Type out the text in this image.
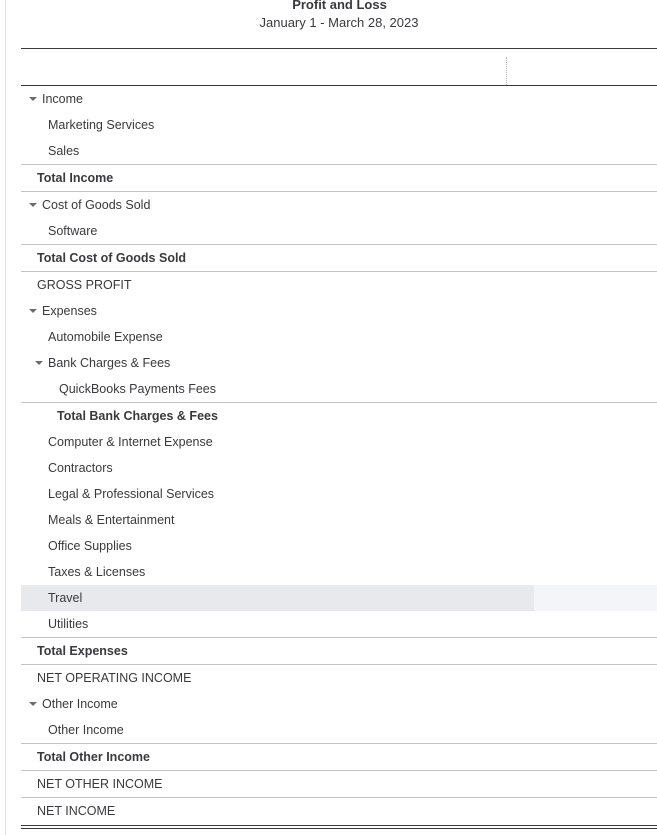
Profit and Loss
January 1 - March 28, 2023
Income
Marketing Services
Sales
Total Income
Cost of Goods Sold
Software
Total Cost of Goods Sold
GROSS PROFIT
Expenses
Automobile Expense
Bank Charges & Fees
QuickBooks Payments Fees
Total Bank Charges & Fees
Computer & Internet Expense
Contractors
Legal & Professional Services
Meals & Entertainment
Office Supplies
Taxes & Licenses
Travel
Utilities
Total Expenses
NET OPERATING INCOME
Other Income
Other Income
Total Other Income
NET OTHER INCOME
NET INCOME
